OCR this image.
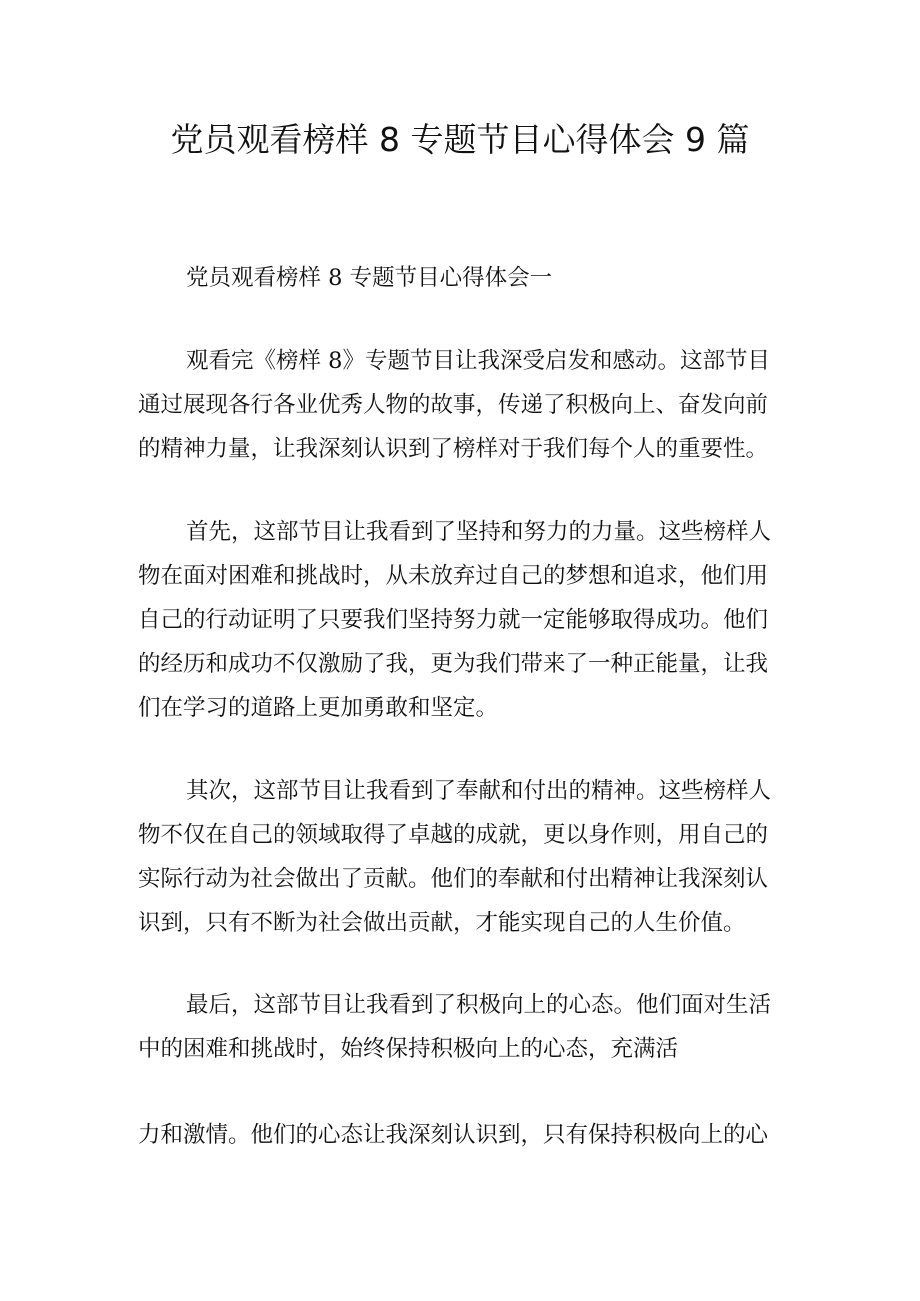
党员观看榜样 8 专题节目心得体会 9 篇

党员观看榜样 8 专题节目心得体会一

观看完《榜样 8》专题节目让我深受启发和感动。这部节目
通过展现各行各业优秀人物的故事，传递了积极向上、奋发向前
的精神力量，让我深刻认识到了榜样对于我们每个人的重要性。

首先，这部节目让我看到了坚持和努力的力量。这些榜样人
物在面对困难和挑战时，从未放弃过自己的梦想和追求，他们用
自己的行动证明了只要我们坚持努力就一定能够取得成功。他们
的经历和成功不仅激励了我，更为我们带来了一种正能量，让我
们在学习的道路上更加勇敢和坚定。

其次，这部节目让我看到了奉献和付出的精神。这些榜样人
物不仅在自己的领域取得了卓越的成就，更以身作则，用自己的
实际行动为社会做出了贡献。他们的奉献和付出精神让我深刻认
识到，只有不断为社会做出贡献，才能实现自己的人生价值。

最后，这部节目让我看到了积极向上的心态。他们面对生活
中的困难和挑战时，始终保持积极向上的心态，充满活

力和激情。他们的心态让我深刻认识到，只有保持积极向上的心
